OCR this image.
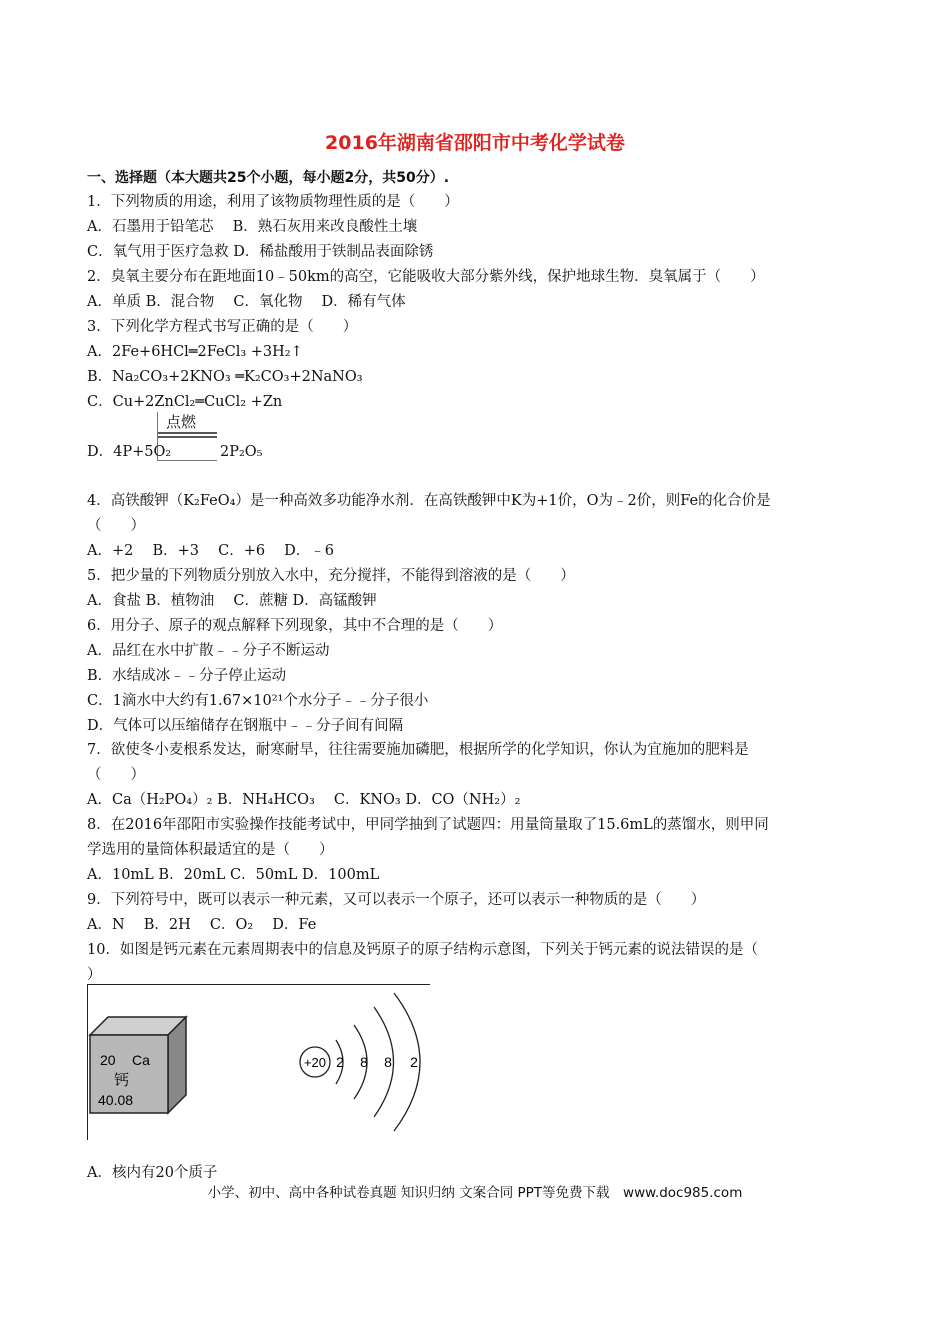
2016年湖南省邵阳市中考化学试卷
一、选择题（本大题共25个小题，每小题2分，共50分）.
1．下列物质的用途，利用了该物质物理性质的是（　　）
A．石墨用于铅笔芯　 B．熟石灰用来改良酸性土壤
C．氧气用于医疗急救 D．稀盐酸用于铁制品表面除锈
2．臭氧主要分布在距地面10﹣50km的高空，它能吸收大部分紫外线，保护地球生物．臭氧属于（　　）
A．单质 B．混合物　 C．氧化物　 D．稀有气体
3．下列化学方程式书写正确的是（　　）
A．2Fe+6HCl═2FeCl₃ +3H₂↑
B．Na₂CO₃+2KNO₃ ═K₂CO₃+2NaNO₃
C．Cu+2ZnCl₂═CuCl₂ +Zn
点燃
D．4P+5O₂	2P₂O₅
4．高铁酸钾（K₂FeO₄）是一种高效多功能净水剂．在高铁酸钾中K为+1价，O为﹣2价，则Fe的化合价是
（　　）
A．+2　 B．+3　 C．+6　 D．﹣6
5．把少量的下列物质分别放入水中，充分搅拌，不能得到溶液的是（　　）
A．食盐 B．植物油　 C．蔗糖 D．高锰酸钾
6．用分子、原子的观点解释下列现象，其中不合理的是（　　）
A．品红在水中扩散﹣﹣分子不断运动
B．水结成冰﹣﹣分子停止运动
C．1滴水中大约有1.67×10²¹个水分子﹣﹣分子很小
D．气体可以压缩储存在钢瓶中﹣﹣分子间有间隔
7．欲使冬小麦根系发达，耐寒耐旱，往往需要施加磷肥，根据所学的化学知识，你认为宜施加的肥料是
（　　）
A．Ca（H₂PO₄）₂ B．NH₄HCO₃　 C．KNO₃ D．CO（NH₂）₂
8．在2016年邵阳市实验操作技能考试中，甲同学抽到了试题四：用量筒量取了15.6mL的蒸馏水，则甲同
学选用的量筒体积最适宜的是（　　）
A．10mL B．20mL C．50mL D．100mL
9．下列符号中，既可以表示一种元素，又可以表示一个原子，还可以表示一种物质的是（　　）
A．N　 B．2H　 C．O₂　 D．Fe
10．如图是钙元素在元素周期表中的信息及钙原子的原子结构示意图，下列关于钙元素的说法错误的是（
）
20 Ca
钙
40.08
+20 2 8 8 2
A．核内有20个质子
小学、初中、高中各种试卷真题 知识归纳 文案合同 PPT等免费下载　www.doc985.com
